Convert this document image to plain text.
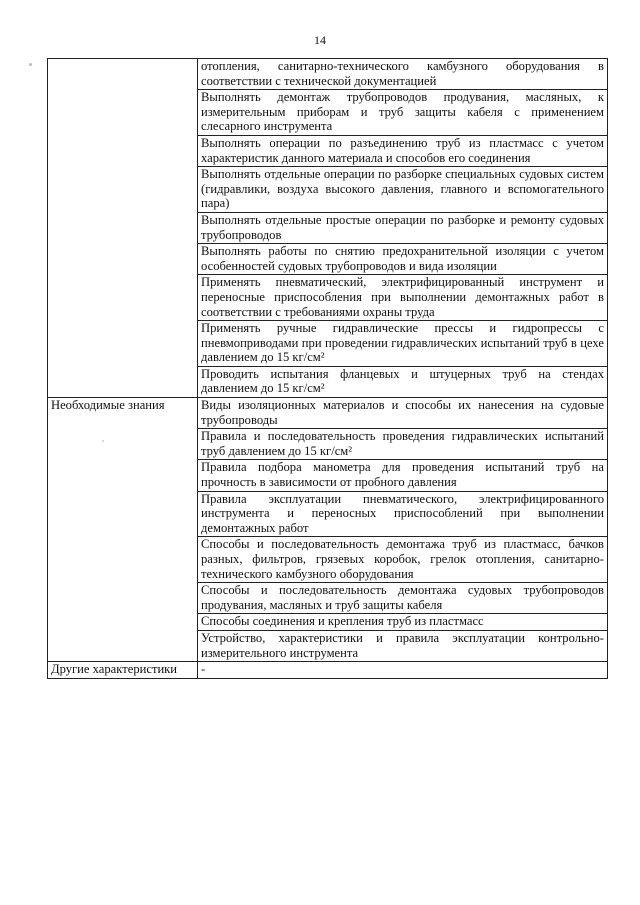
14
	отопления, санитарно-технического камбузного оборудования в соответствии с технической документацией
	Выполнять демонтаж трубопроводов продувания, масляных, к измерительным приборам и труб защиты кабеля с применением слесарного инструмента
	Выполнять операции по разъединению труб из пластмасс с учетом характеристик данного материала и способов его соединения
	Выполнять отдельные операции по разборке специальных судовых систем (гидравлики, воздуха высокого давления, главного и вспомогательного пара)
	Выполнять отдельные простые операции по разборке и ремонту судовых трубопроводов
	Выполнять работы по снятию предохранительной изоляции с учетом особенностей судовых трубопроводов и вида изоляции
	Применять пневматический, электрифицированный инструмент и переносные приспособления при выполнении демонтажных работ в соответствии с требованиями охраны труда
	Применять ручные гидравлические прессы и гидропрессы с пневмоприводами при проведении гидравлических испытаний труб в цехе давлением до 15 кг/см²
	Проводить испытания фланцевых и штуцерных труб на стендах давлением до 15 кг/см²
Необходимые знания	Виды изоляционных материалов и способы их нанесения на судовые трубопроводы
	Правила и последовательность проведения гидравлических испытаний труб давлением до 15 кг/см²
	Правила подбора манометра для проведения испытаний труб на прочность в зависимости от пробного давления
	Правила эксплуатации пневматического, электрифицированного инструмента и переносных приспособлений при выполнении демонтажных работ
	Способы и последовательность демонтажа труб из пластмасс, бачков разных, фильтров, грязевых коробок, грелок отопления, санитарно-технического камбузного оборудования
	Способы и последовательность демонтажа судовых трубопроводов продувания, масляных и труб защиты кабеля
	Способы соединения и крепления труб из пластмасс
	Устройство, характеристики и правила эксплуатации контрольно-измерительного инструмента
Другие характеристики	-
